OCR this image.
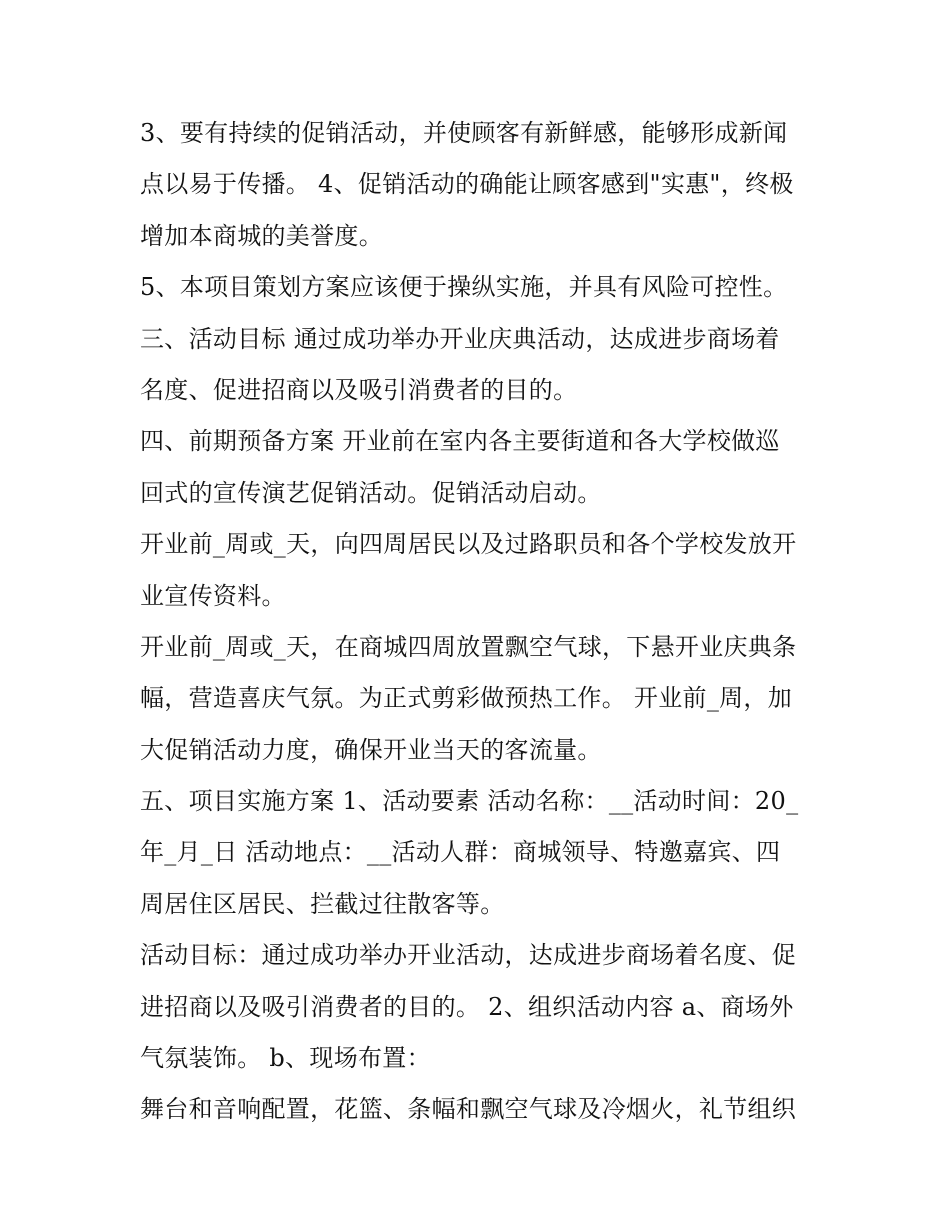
3、要有持续的促销活动，并使顾客有新鲜感，能够形成新闻
点以易于传播。 4、促销活动的确能让顾客感到"实惠"，终极
增加本商城的美誉度。
5、本项目策划方案应该便于操纵实施，并具有风险可控性。
三、活动目标 通过成功举办开业庆典活动，达成进步商场着
名度、促进招商以及吸引消费者的目的。
四、前期预备方案 开业前在室内各主要街道和各大学校做巡
回式的宣传演艺促销活动。促销活动启动。
开业前_周或_天，向四周居民以及过路职员和各个学校发放开
业宣传资料。
开业前_周或_天，在商城四周放置飘空气球，下悬开业庆典条
幅，营造喜庆气氛。为正式剪彩做预热工作。 开业前_周，加
大促销活动力度，确保开业当天的客流量。
五、项目实施方案 1、活动要素 活动名称：__活动时间：20_
年_月_日 活动地点：__活动人群：商城领导、特邀嘉宾、四
周居住区居民、拦截过往散客等。
活动目标：通过成功举办开业活动，达成进步商场着名度、促
进招商以及吸引消费者的目的。 2、组织活动内容 a、商场外
气氛装饰。 b、现场布置：
舞台和音响配置，花篮、条幅和飘空气球及冷烟火，礼节组织
